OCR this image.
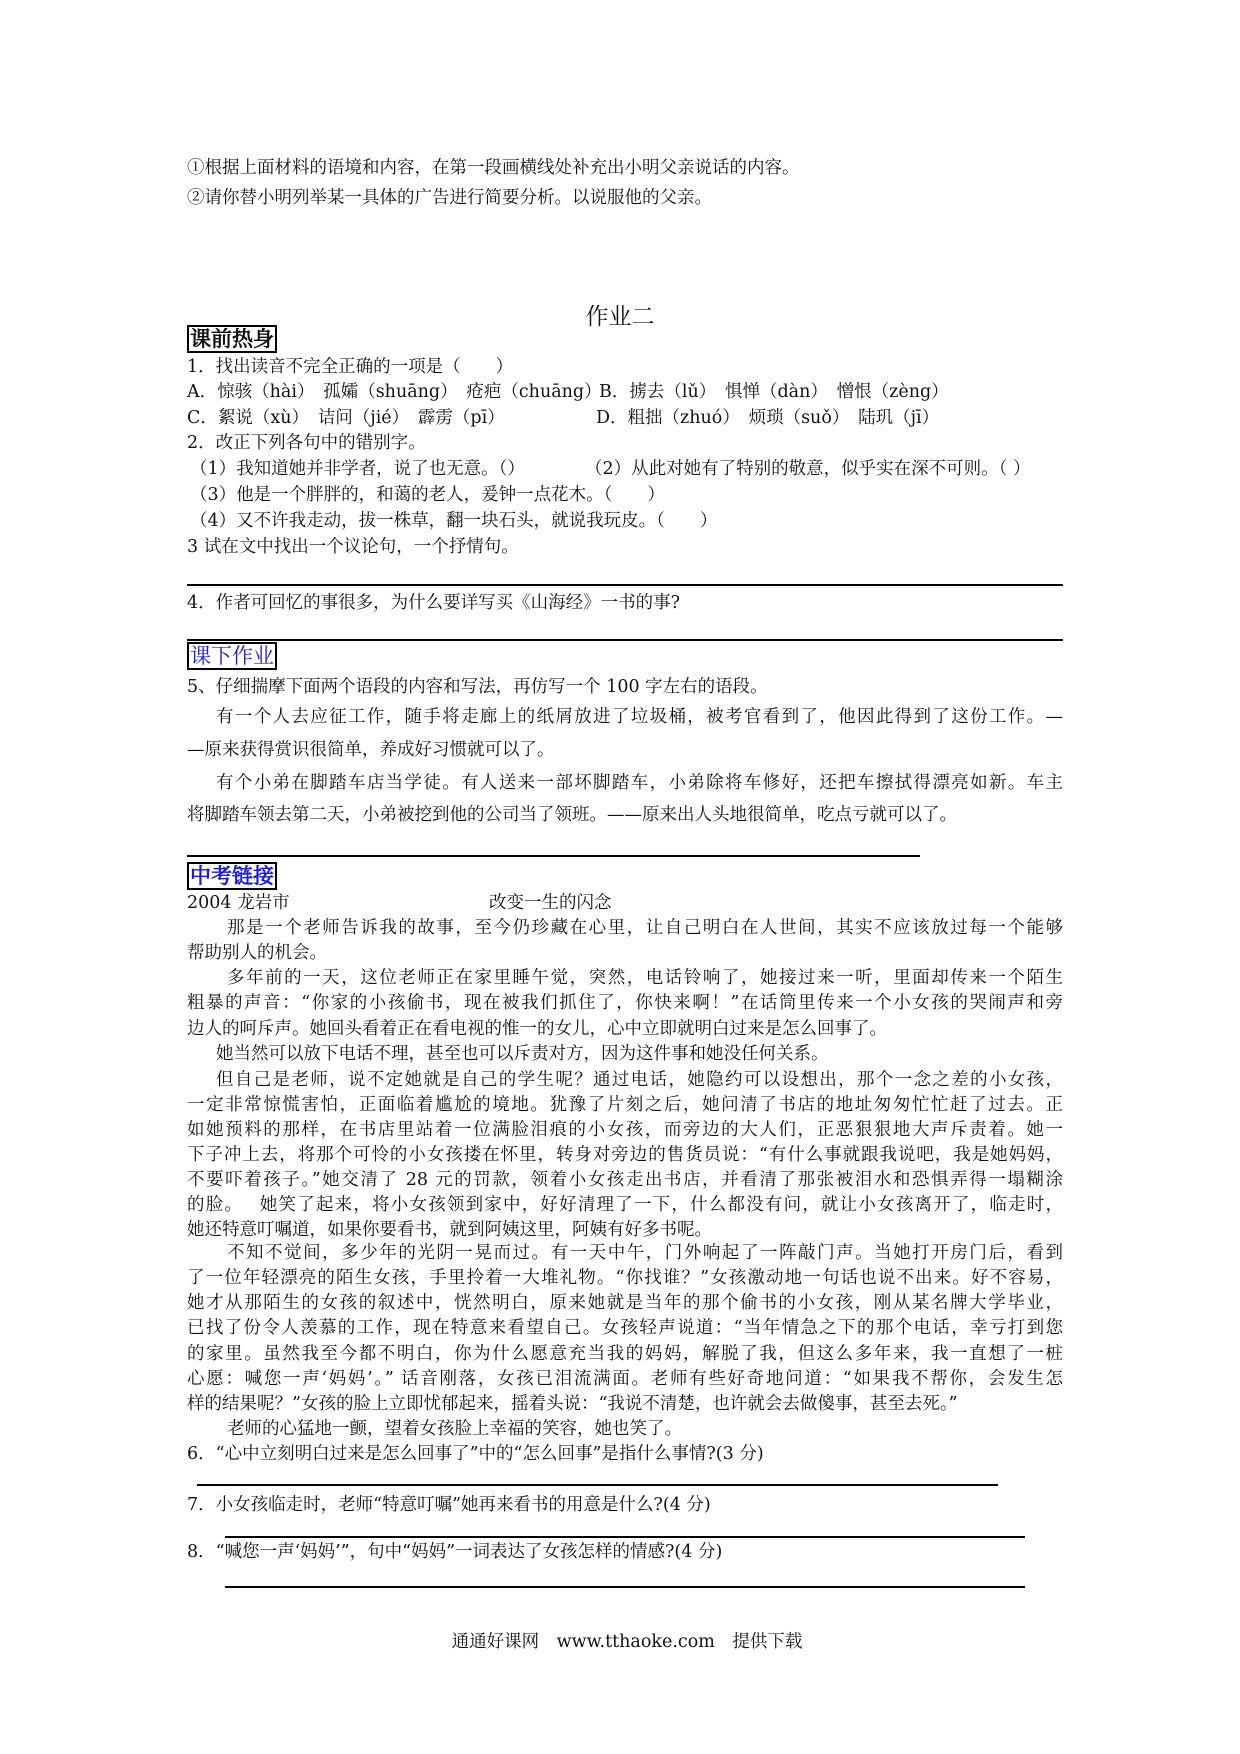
①根据上面材料的语境和内容，在第一段画横线处补充出小明父亲说话的内容。
②请你替小明列举某一具体的广告进行简要分析。以说服他的父亲。
作业二
课前热身
1．找出读音不完全正确的一项是（　　）
A．惊骇（hài）　孤孀（shuāng）　疮疤（chuāng）
B．掳去（lǔ）　惧惮（dàn）　憎恨（zèng）
C．絮说（xù）　诘问（jié）　霹雳（pī）	D．粗拙（zhuó）　烦琐（suǒ）　陆玑（jī）
2．改正下列各句中的错别字。
（1）我知道她并非学者，说了也无意。（）	（2）从此对她有了特别的敬意，似乎实在深不可则。（ ）
（3）他是一个胖胖的，和蔼的老人，爰钟一点花木。（　　）
（4）又不许我走动，拔一株草，翻一块石头，就说我玩皮。（　　）
3 试在文中找出一个议论句，一个抒情句。
4．作者可回忆的事很多，为什么要详写买《山海经》一书的事?
课下作业
5、仔细揣摩下面两个语段的内容和写法，再仿写一个 100 字左右的语段。
有一个人去应征工作，随手将走廊上的纸屑放进了垃圾桶，被考官看到了，他因此得到了这份工作。—
—原来获得赏识很简单，养成好习惯就可以了。
有个小弟在脚踏车店当学徒。有人送来一部坏脚踏车，小弟除将车修好，还把车擦拭得漂亮如新。车主
将脚踏车领去第二天，小弟被挖到他的公司当了领班。——原来出人头地很简单，吃点亏就可以了。
中考链接
2004 龙岩市	改变一生的闪念
那是一个老师告诉我的故事，至今仍珍藏在心里，让自己明白在人世间，其实不应该放过每一个能够
帮助别人的机会。
多年前的一天，这位老师正在家里睡午觉，突然，电话铃响了，她接过来一听，里面却传来一个陌生
粗暴的声音：“你家的小孩偷书，现在被我们抓住了，你快来啊！”在话筒里传来一个小女孩的哭闹声和旁
边人的呵斥声。她回头看着正在看电视的惟一的女儿，心中立即就明白过来是怎么回事了。
她当然可以放下电话不理，甚至也可以斥责对方，因为这件事和她没任何关系。
但自己是老师，说不定她就是自己的学生呢？通过电话，她隐约可以设想出，那个一念之差的小女孩，
一定非常惊慌害怕，正面临着尴尬的境地。犹豫了片刻之后，她问清了书店的地址匆匆忙忙赶了过去。正
如她预料的那样，在书店里站着一位满脸泪痕的小女孩，而旁边的大人们，正恶狠狠地大声斥责着。她一
下子冲上去，将那个可怜的小女孩搂在怀里，转身对旁边的售货员说：“有什么事就跟我说吧，我是她妈妈，
不要吓着孩子。”她交清了 28 元的罚款，领着小女孩走出书店，并看清了那张被泪水和恐惧弄得一塌糊涂
的脸。　 她笑了起来，将小女孩领到家中，好好清理了一下，什么都没有问，就让小女孩离开了，临走时，
她还特意叮嘱道，如果你要看书，就到阿姨这里，阿姨有好多书呢。
不知不觉间，多少年的光阴一晃而过。有一天中午，门外响起了一阵敲门声。当她打开房门后，看到
了一位年轻漂亮的陌生女孩，手里拎着一大堆礼物。“你找谁？”女孩激动地一句话也说不出来。好不容易，
她才从那陌生的女孩的叙述中，恍然明白，原来她就是当年的那个偷书的小女孩，刚从某名牌大学毕业，
已找了份令人羡慕的工作，现在特意来看望自己。女孩轻声说道：“当年情急之下的那个电话，幸亏打到您
的家里。虽然我至今都不明白，你为什么愿意充当我的妈妈，解脱了我，但这么多年来，我一直想了一桩
心愿：喊您一声‘妈妈’。” 话音刚落，女孩已泪流满面。老师有些好奇地问道：“如果我不帮你，会发生怎
样的结果呢？”女孩的脸上立即忧郁起来，摇着头说：“我说不清楚，也许就会去做傻事，甚至去死。”
老师的心猛地一颤，望着女孩脸上幸福的笑容，她也笑了。
6．“心中立刻明白过来是怎么回事了”中的“怎么回事”是指什么事情?(3 分)
7．小女孩临走时，老师“特意叮嘱”她再来看书的用意是什么?(4 分)
8．“喊您一声‘妈妈’”，句中“妈妈”一词表达了女孩怎样的情感?(4 分)
通通好课网　www.tthaoke.com　提供下载
